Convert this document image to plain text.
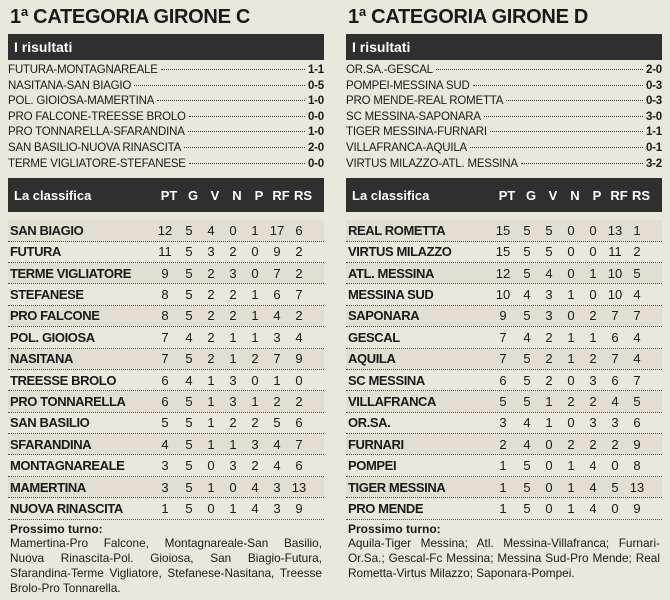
1ª CATEGORIA GIRONE C
I risultati
FUTURA-MONTAGNAREALE	1-1
NASITANA-SAN BIAGIO	0-5
POL. GIOIOSA-MAMERTINA	1-0
PRO FALCONE-TREESSE BROLO	0-0
PRO TONNARELLA-SFARANDINA	1-0
SAN BASILIO-NUOVA RINASCITA	2-0
TERME VIGLIATORE-STEFANESE	0-0
La classifica	PT G V N P RF RS
SAN BIAGIO	12	5	4	0	1 17 6
FUTURA	11	5	3	2	0	9	2
TERME VIGLIATORE	9	5	2	3	0	7	2
STEFANESE	8	5	2	2	1	6	7
PRO FALCONE	8	5	2	2	1	4	2
POL. GIOIOSA	7	4	2	1	1	3	4
NASITANA	7	5	2	1	2	7	9
TREESSE BROLO	6	4	1	3	0	1	0
PRO TONNARELLA	6	5	1	3	1	2	2
SAN BASILIO	5	5	1	2	2	5	6
SFARANDINA	4	5	1	1	3	4	7
MONTAGNAREALE	3	5	0	3	2	4	6
MAMERTINA	3	5	1	0	4	3 13
NUOVA RINASCITA	1	5	0	1	4	3	9
Prossimo turno:
Mamertina-Pro Falcone, Montagnareale-San Basilio, Nuova Rinascita-Pol. Gioiosa, San Biagio-Futura, Sfarandina-Terme Vigliatore, Stefanese-Nasitana, Treesse Brolo-Pro Tonnarella.
1ª CATEGORIA GIRONE D
I risultati
OR.SA.-GESCAL	2-0
POMPEI-MESSINA SUD	0-3
PRO MENDE-REAL ROMETTA	0-3
SC MESSINA-SAPONARA	3-0
TIGER MESSINA-FURNARI	1-1
VILLAFRANCA-AQUILA	0-1
VIRTUS MILAZZO-ATL. MESSINA	3-2
La classifica	PT G V N P RF RS
REAL ROMETTA	15	5	5	0	0 13 1
VIRTUS MILAZZO	15	5	5	0	0 11 2
ATL. MESSINA	12	5	4	0	1 10 5
MESSINA SUD	10	4	3	1	0 10 4
SAPONARA	9	5	3	0	2	7	7
GESCAL	7	4	2	1	1	6	4
AQUILA	7	5	2	1	2	7	4
SC MESSINA	6	5	2	0	3	6	7
VILLAFRANCA	5	5	1	2	2	4	5
OR.SA.	3	4	1	0	3	3	6
FURNARI	2	4	0	2	2	2	9
POMPEI	1	5	0	1	4	0	8
TIGER MESSINA	1	5	0	1	4	5 13
PRO MENDE	1	5	0	1	4	0	9
Prossimo turno:
Aquila-Tiger Messina; Atl. Messina-Villafranca; Furnari-Or.Sa.; Gescal-Fc Messina; Messina Sud-Pro Mende; Real Rometta-Virtus Milazzo; Saponara-Pompei.
